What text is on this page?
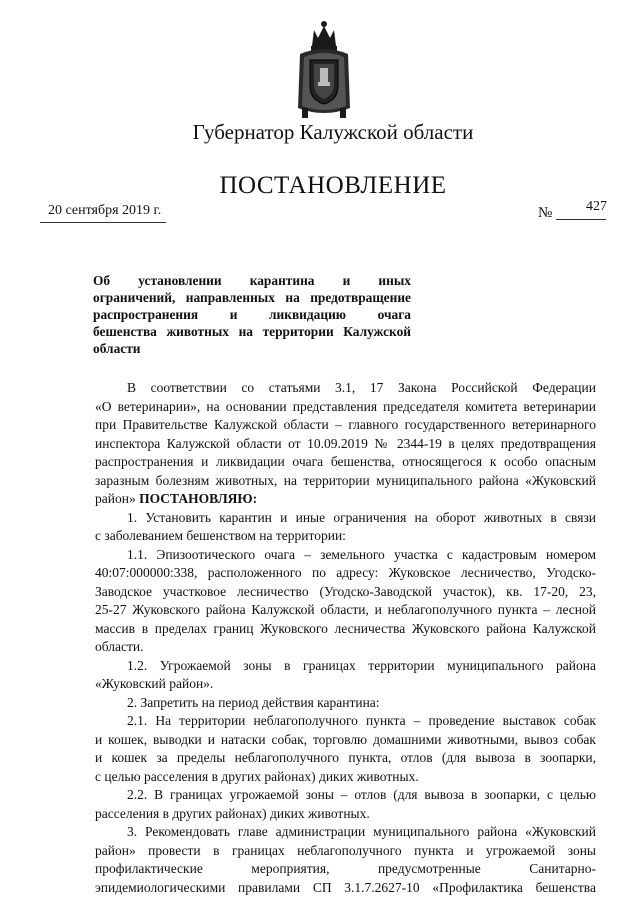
Губернатор Калужской области
ПОСТАНОВЛЕНИЕ
20 сентября 2019 г.	№ 427
Об установлении карантина и иных
ограничений, направленных на предотвращение
распространения и ликвидацию очага
бешенства животных на территории Калужской
области
В соответствии со статьями 3.1, 17 Закона Российской Федерации
«О ветеринарии», на основании представления председателя комитета ветеринарии
при Правительстве Калужской области – главного государственного ветеринарного
инспектора Калужской области от 10.09.2019 № 2344-19 в целях предотвращения
распространения и ликвидации очага бешенства, относящегося к особо опасным
заразным болезням животных, на территории муниципального района «Жуковский
район» ПОСТАНОВЛЯЮ:
1. Установить карантин и иные ограничения на оборот животных в связи
с заболеванием бешенством на территории:
1.1. Эпизоотического очага – земельного участка с кадастровым номером
40:07:000000:338, расположенного по адресу: Жуковское лесничество, Угодско-
Заводское участковое лесничество (Угодско-Заводской участок), кв. 17-20, 23,
25-27 Жуковского района Калужской области, и неблагополучного пункта – лесной
массив в пределах границ Жуковского лесничества Жуковского района Калужской
области.
1.2. Угрожаемой зоны в границах территории муниципального района
«Жуковский район».
2. Запретить на период действия карантина:
2.1. На территории неблагополучного пункта – проведение выставок собак
и кошек, выводки и натаски собак, торговлю домашними животными, вывоз собак
и кошек за пределы неблагополучного пункта, отлов (для вывоза в зоопарки,
с целью расселения в других районах) диких животных.
2.2. В границах угрожаемой зоны – отлов (для вывоза в зоопарки, с целью
расселения в других районах) диких животных.
3. Рекомендовать главе администрации муниципального района «Жуковский
район» провести в границах неблагополучного пункта и угрожаемой зоны
профилактические мероприятия, предусмотренные Санитарно-
эпидемиологическими правилами СП 3.1.7.2627-10 «Профилактика бешенства
